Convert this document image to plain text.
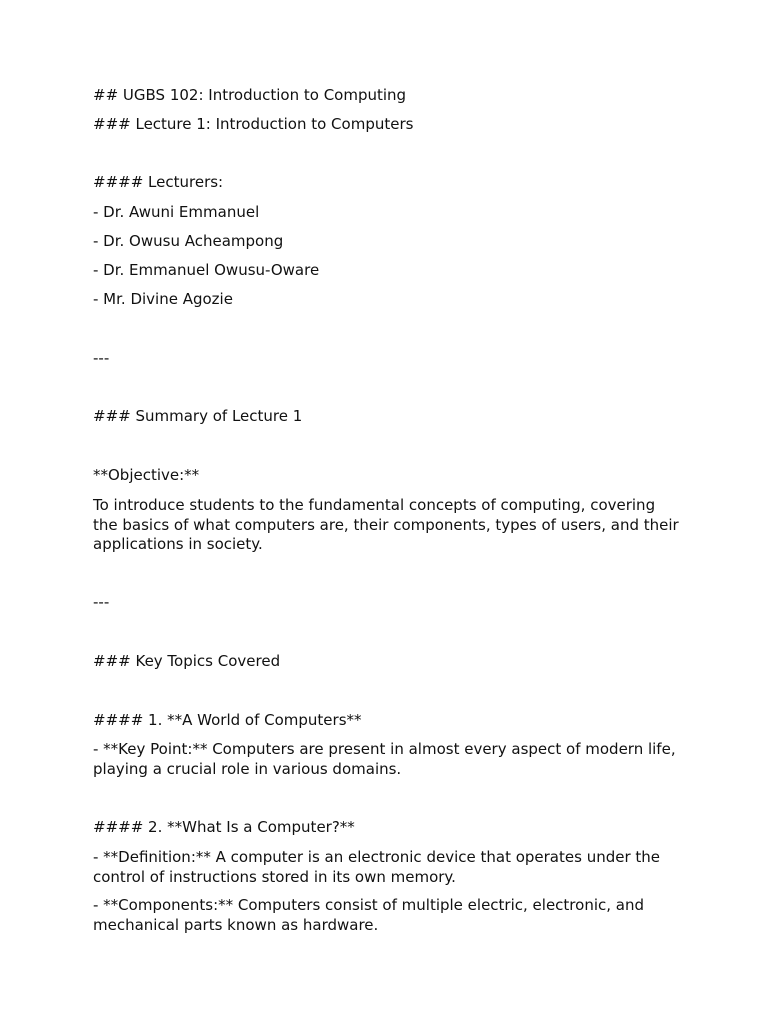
## UGBS 102: Introduction to Computing

### Lecture 1: Introduction to Computers

#### Lecturers:

- Dr. Awuni Emmanuel

- Dr. Owusu Acheampong

- Dr. Emmanuel Owusu-Oware

- Mr. Divine Agozie

---

### Summary of Lecture 1

**Objective:**

To introduce students to the fundamental concepts of computing, covering the basics of what computers are, their components, types of users, and their applications in society.

---

### Key Topics Covered

#### 1. **A World of Computers**

- **Key Point:** Computers are present in almost every aspect of modern life, playing a crucial role in various domains.

#### 2. **What Is a Computer?**

- **Definition:** A computer is an electronic device that operates under the control of instructions stored in its own memory.

- **Components:** Computers consist of multiple electric, electronic, and mechanical parts known as hardware.
